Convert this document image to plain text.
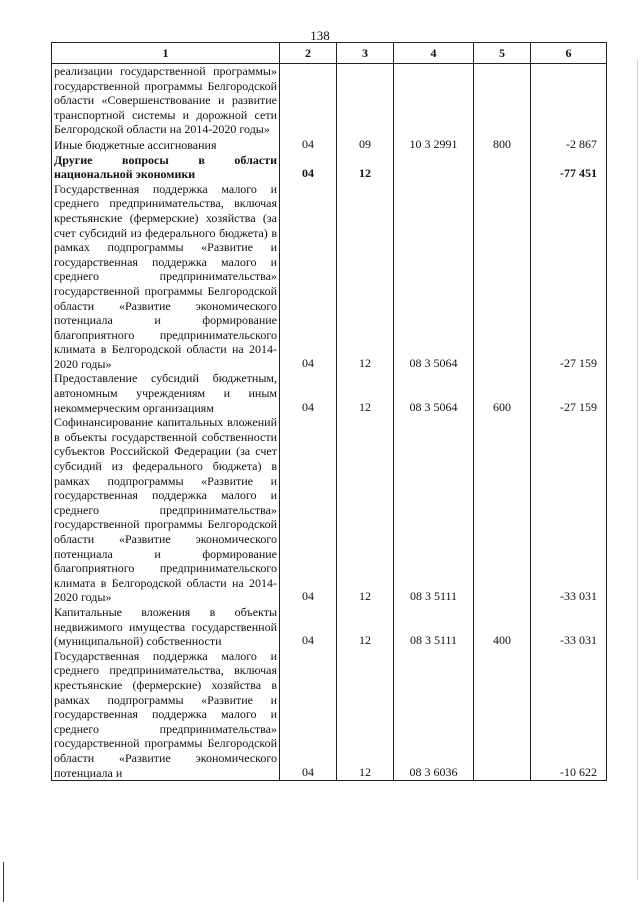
138
1	2	3	4	5	6
реализации государственной программы» государственной программы Белгородской области «Совершенствование и развитие транспортной системы и дорожной сети Белгородской области на 2014-2020 годы»					
Иные бюджетные ассигнования	04	09	10 3 2991	800	-2 867
Другие вопросы в области национальной экономики	04	12			-77 451
Государственная поддержка малого и среднего предпринимательства, включая крестьянские (фермерские) хозяйства (за счет субсидий из федерального бюджета) в рамках подпрограммы «Развитие и государственная поддержка малого и среднего предпринимательства» государственной программы Белгородской области «Развитие экономического потенциала и формирование благоприятного предпринимательского климата в Белгородской области на 2014-2020 годы»	04	12	08 3 5064		-27 159
Предоставление субсидий бюджетным, автономным учреждениям и иным некоммерческим организациям	04	12	08 3 5064	600	-27 159
Софинансирование капитальных вложений в объекты государственной собственности субъектов Российской Федерации (за счет субсидий из федерального бюджета) в рамках подпрограммы «Развитие и государственная поддержка малого и среднего предпринимательства» государственной программы Белгородской области «Развитие экономического потенциала и формирование благоприятного предпринимательского климата в Белгородской области на 2014-2020 годы»	04	12	08 3 5111		-33 031
Капитальные вложения в объекты недвижимого имущества государственной (муниципальной) собственности	04	12	08 3 5111	400	-33 031
Государственная поддержка малого и среднего предпринимательства, включая крестьянские (фермерские) хозяйства в рамках подпрограммы «Развитие и государственная поддержка малого и среднего предпринимательства» государственной программы Белгородской области «Развитие экономического потенциала и	04	12	08 3 6036		-10 622
